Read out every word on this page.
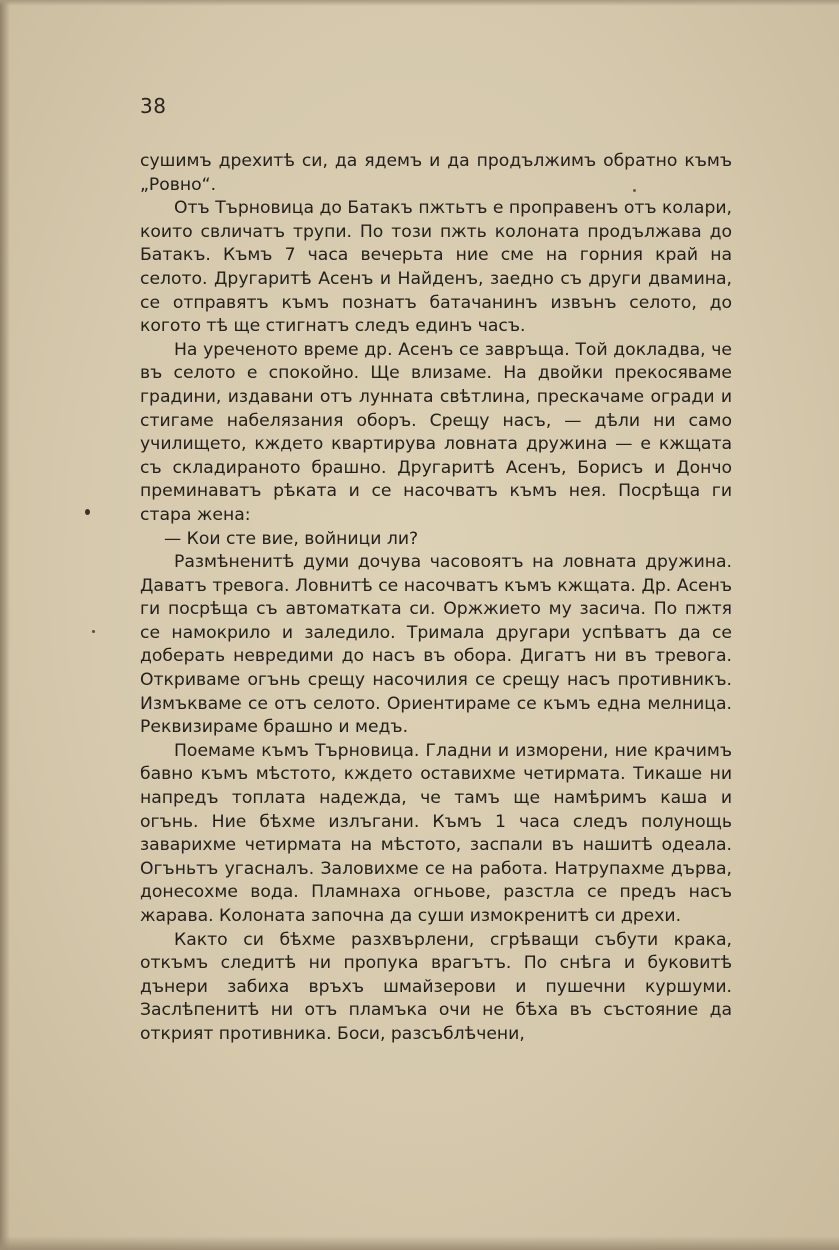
38

сушимъ дрехитѣ си, да ядемъ и да продължимъ обратно къмъ „Ровно“.

Отъ Търновица до Батакъ пжтьтъ е проправенъ отъ колари, които свличатъ трупи. По този пжть колоната продължава до Батакъ. Къмъ 7 часа вечерьта ние сме на горния край на селото. Другаритѣ Асенъ и Найденъ, заедно съ други двамина, се отправятъ къмъ познатъ батачанинъ извънъ селото, до когото тѣ ще стигнатъ следъ единъ часъ.

На уреченото време др. Асенъ се завръща. Той докладва, че въ селото е спокойно. Ще влизаме. На двойки прекосяваме градини, издавани отъ лунната свѣтлина, прескачаме огради и стигаме набелязания оборъ. Срещу насъ, — дѣли ни само училището, кждето квартирува ловната дружина — е кжщата съ складираното брашно. Другаритѣ Асенъ, Борисъ и Дончо преминаватъ рѣката и се насочватъ къмъ нея. Посрѣща ги стара жена:

— Кои сте вие, войници ли?

Размѣненитѣ думи дочува часовоятъ на ловната дружина. Даватъ тревога. Ловнитѣ се насочватъ къмъ кжщата. Др. Асенъ ги посрѣща съ автоматката си. Оржжието му засича. По пжтя се намокрило и заледило. Трималa другари успѣватъ да се доберать невредими до насъ въ обора. Дигатъ ни въ тревога. Откриваме огънь срещу насочилия се срещу насъ противникъ. Измъкваме се отъ селото. Ориентираме се къмъ една мелница. Реквизираме брашно и медъ.

Поемаме къмъ Търновица. Гладни и изморени, ние крачимъ бавно къмъ мѣстото, кждето оставихме четирмата. Тикаше ни напредъ топлата надежда, че тамъ ще намѣримъ каша и огънь. Ние бѣхме излъгани. Къмъ 1 часа следъ полунощь заварихме четирмата на мѣстото, заспали въ нашитѣ одеала. Огъньтъ угаснaлъ. Заловихме се на работа. Натрупахме дърва, донесохме вода. Пламнаха огньове, разстла се предъ насъ жарава. Колоната започна да суши измокренитѣ си дрехи.

Както си бѣхме разхвърлени, сгрѣващи събути крака, откъмъ следитѣ ни пропука врагътъ. По снѣга и буковитѣ дънери забиха връхъ шмайзерови и пушечни куршуми. Заслѣпенитѣ ни отъ пламъка очи не бѣха въ състояние да открият противника. Боси, разсъблѣчени,
